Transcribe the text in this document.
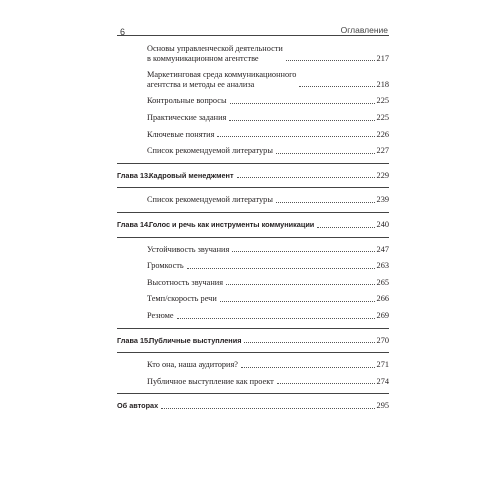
6	Оглавление
Основы управленческой деятельности
в коммуникационном агентстве	217
Маркетинговая среда коммуникационного
агентства и методы ее анализа	218
Контрольные вопросы	225
Практические задания	225
Ключевые понятия	226
Список рекомендуемой литературы	227
Глава 13.Кадровый менеджмент	229
Список рекомендуемой литературы	239
Глава 14.Голос и речь как инструменты коммуникации	240
Устойчивость звучания	247
Громкость	263
Высотность звучания	265
Темп/скорость речи	266
Резюме	269
Глава 15.Публичные выступления	270
Кто она, наша аудитория?	271
Публичное выступление как проект	274
Об авторах	295
